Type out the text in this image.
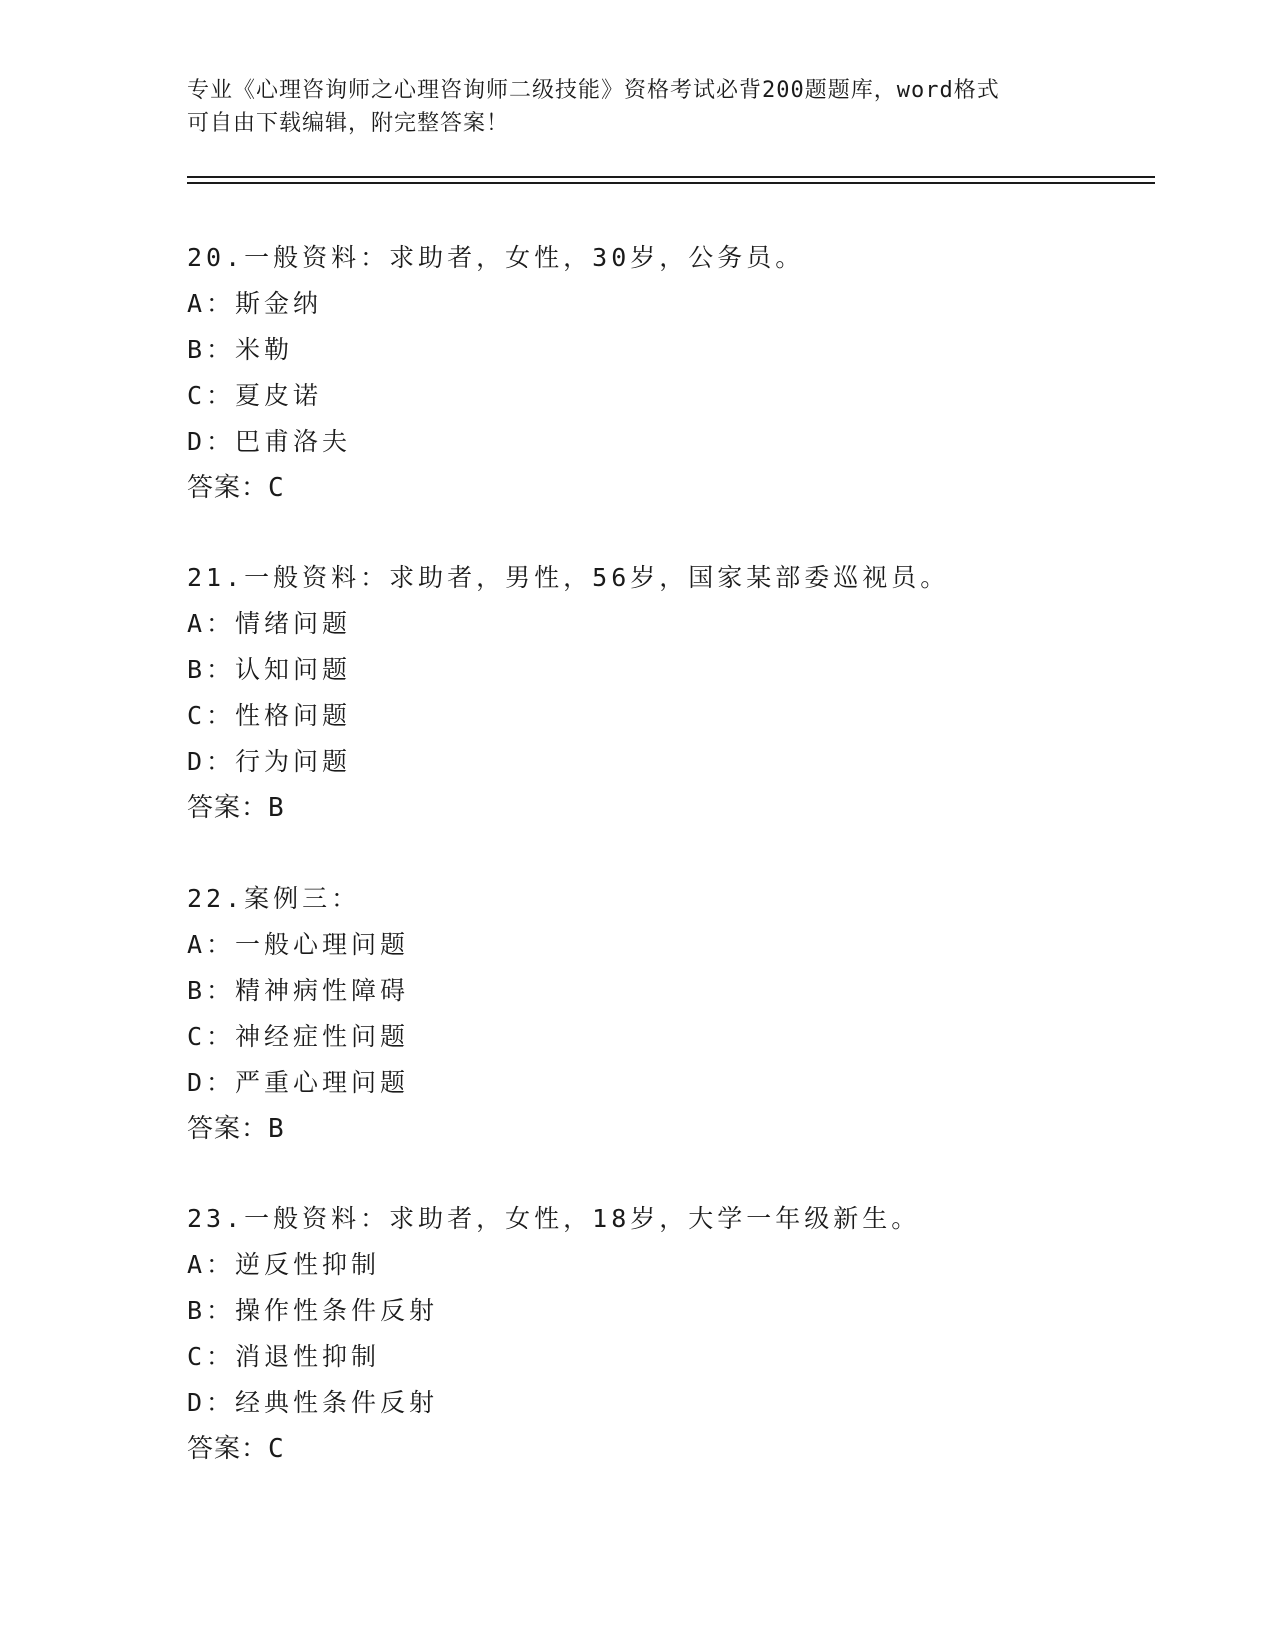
专业《心理咨询师之心理咨询师二级技能》资格考试必背200题题库，word格式
可自由下载编辑，附完整答案！
20.一般资料：求助者，女性，30岁，公务员。
A：斯金纳
B：米勒
C：夏皮诺
D：巴甫洛夫
答案：C
21.一般资料：求助者，男性，56岁，国家某部委巡视员。
A：情绪问题
B：认知问题
C：性格问题
D：行为问题
答案：B
22.案例三：
A：一般心理问题
B：精神病性障碍
C：神经症性问题
D：严重心理问题
答案：B
23.一般资料：求助者，女性，18岁，大学一年级新生。
A：逆反性抑制
B：操作性条件反射
C：消退性抑制
D：经典性条件反射
答案：C
